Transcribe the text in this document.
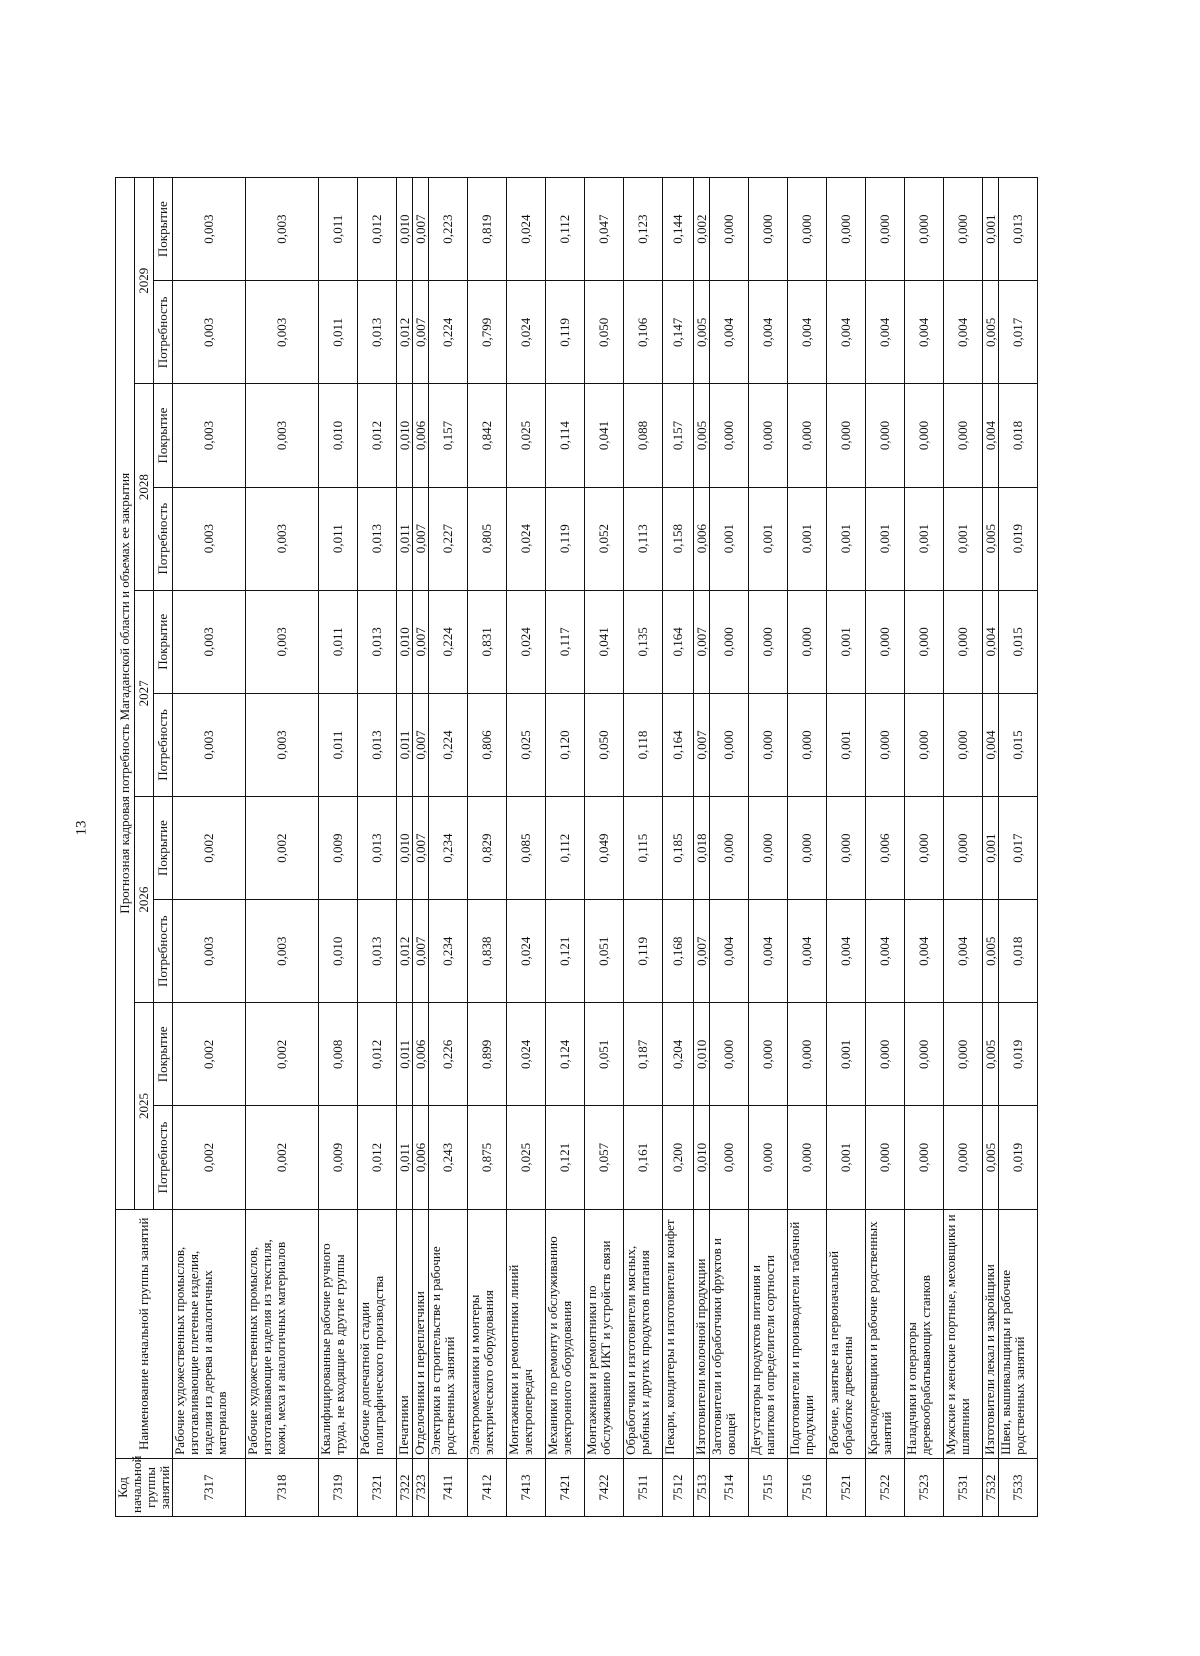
13
Код начальной группы занятий	Наименование начальной группы занятий	Прогнозная кадровая потребность Магаданской области и объемах ее закрытия									
		2025		2026		2027		2028		2029	
		Потребность	Покрытие	Потребность	Покрытие	Потребность	Покрытие	Потребность	Покрытие	Потребность	Покрытие
7317	Рабочие художественных промыслов, изготавливающие плетеные изделия, изделия из дерева и аналогичных материалов	0,002	0,002	0,003	0,002	0,003	0,003	0,003	0,003	0,003	0,003
7318	Рабочие художественных промыслов, изготавливающие изделия из текстиля, кожи, меха и аналогичных материалов	0,002	0,002	0,003	0,002	0,003	0,003	0,003	0,003	0,003	0,003
7319	Квалифицированные рабочие ручного труда, не входящие в другие группы	0,009	0,008	0,010	0,009	0,011	0,011	0,011	0,010	0,011	0,011
7321	Рабочие допечатной стадии полиграфического производства	0,012	0,012	0,013	0,013	0,013	0,013	0,013	0,012	0,013	0,012
7322	Печатники	0,011	0,011	0,012	0,010	0,011	0,010	0,011	0,010	0,012	0,010
7323	Отделочники и переплетчики	0,006	0,006	0,007	0,007	0,007	0,007	0,007	0,006	0,007	0,007
7411	Электрики в строительстве и рабочие родственных занятий	0,243	0,226	0,234	0,234	0,224	0,224	0,227	0,157	0,224	0,223
7412	Электромеханики и монтеры электрического оборудования	0,875	0,899	0,838	0,829	0,806	0,831	0,805	0,842	0,799	0,819
7413	Монтажники и ремонтники линий электропередач	0,025	0,024	0,024	0,085	0,025	0,024	0,024	0,025	0,024	0,024
7421	Механики по ремонту и обслуживанию электронного оборудования	0,121	0,124	0,121	0,112	0,120	0,117	0,119	0,114	0,119	0,112
7422	Монтажники и ремонтники по обслуживанию ИКТ и устройств связи	0,057	0,051	0,051	0,049	0,050	0,041	0,052	0,041	0,050	0,047
7511	Обработчики и изготовители мясных, рыбных и других продуктов питания	0,161	0,187	0,119	0,115	0,118	0,135	0,113	0,088	0,106	0,123
7512	Пекари, кондитеры и изготовители конфет	0,200	0,204	0,168	0,185	0,164	0,164	0,158	0,157	0,147	0,144
7513	Изготовители молочной продукции	0,010	0,010	0,007	0,018	0,007	0,007	0,006	0,005	0,005	0,002
7514	Заготовители и обработчики фруктов и овощей	0,000	0,000	0,004	0,000	0,000	0,000	0,001	0,000	0,004	0,000
7515	Дегустаторы продуктов питания и напитков и определители сортности	0,000	0,000	0,004	0,000	0,000	0,000	0,001	0,000	0,004	0,000
7516	Подготовители и производители табачной продукции	0,000	0,000	0,004	0,000	0,000	0,000	0,001	0,000	0,004	0,000
7521	Рабочие, занятые на первоначальной обработке древесины	0,001	0,001	0,004	0,000	0,001	0,001	0,001	0,000	0,004	0,000
7522	Краснодеревщики и рабочие родственных занятий	0,000	0,000	0,004	0,006	0,000	0,000	0,001	0,000	0,004	0,000
7523	Наладчики и операторы деревообрабатывающих станков	0,000	0,000	0,004	0,000	0,000	0,000	0,001	0,000	0,004	0,000
7531	Мужские и женские портные, меховщики и шляпники	0,000	0,000	0,004	0,000	0,000	0,000	0,001	0,000	0,004	0,000
7532	Изготовители лекал и закройщики	0,005	0,005	0,005	0,001	0,004	0,004	0,005	0,004	0,005	0,001
7533	Швеи, вышивальщицы и рабочие родственных занятий	0,019	0,019	0,018	0,017	0,015	0,015	0,019	0,018	0,017	0,013
